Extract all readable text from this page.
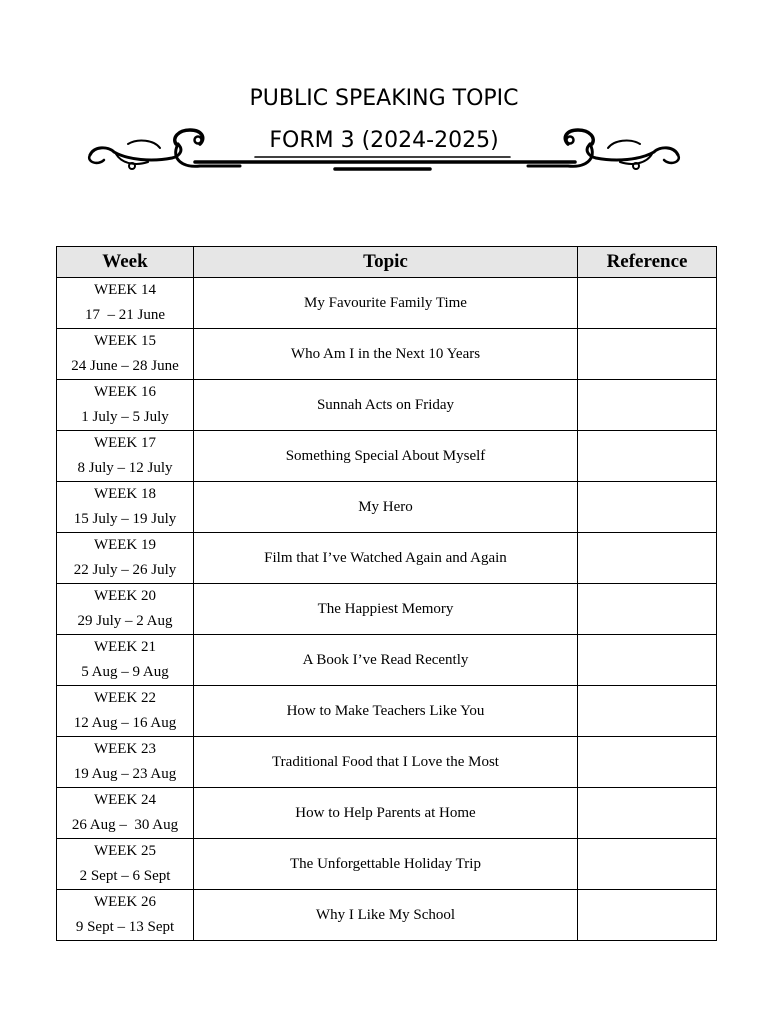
PUBLIC SPEAKING TOPIC
FORM 3 (2024-2025)
Week	Topic	Reference

WEEK 14
17  – 21 June	My Favourite Family Time	

WEEK 15
24 June – 28 June	Who Am I in the Next 10 Years	

WEEK 16
1 July – 5 July	Sunnah Acts on Friday	

WEEK 17
8 July – 12 July	Something Special About Myself	

WEEK 18
15 July – 19 July	My Hero	

WEEK 19
22 July – 26 July	Film that I’ve Watched Again and Again	

WEEK 20
29 July – 2 Aug	The Happiest Memory	

WEEK 21
5 Aug – 9 Aug	A Book I’ve Read Recently	

WEEK 22
12 Aug – 16 Aug	How to Make Teachers Like You	

WEEK 23
19 Aug – 23 Aug	Traditional Food that I Love the Most	

WEEK 24
26 Aug –  30 Aug	How to Help Parents at Home	

WEEK 25
2 Sept – 6 Sept	The Unforgettable Holiday Trip	

WEEK 26
9 Sept – 13 Sept	Why I Like My School	
